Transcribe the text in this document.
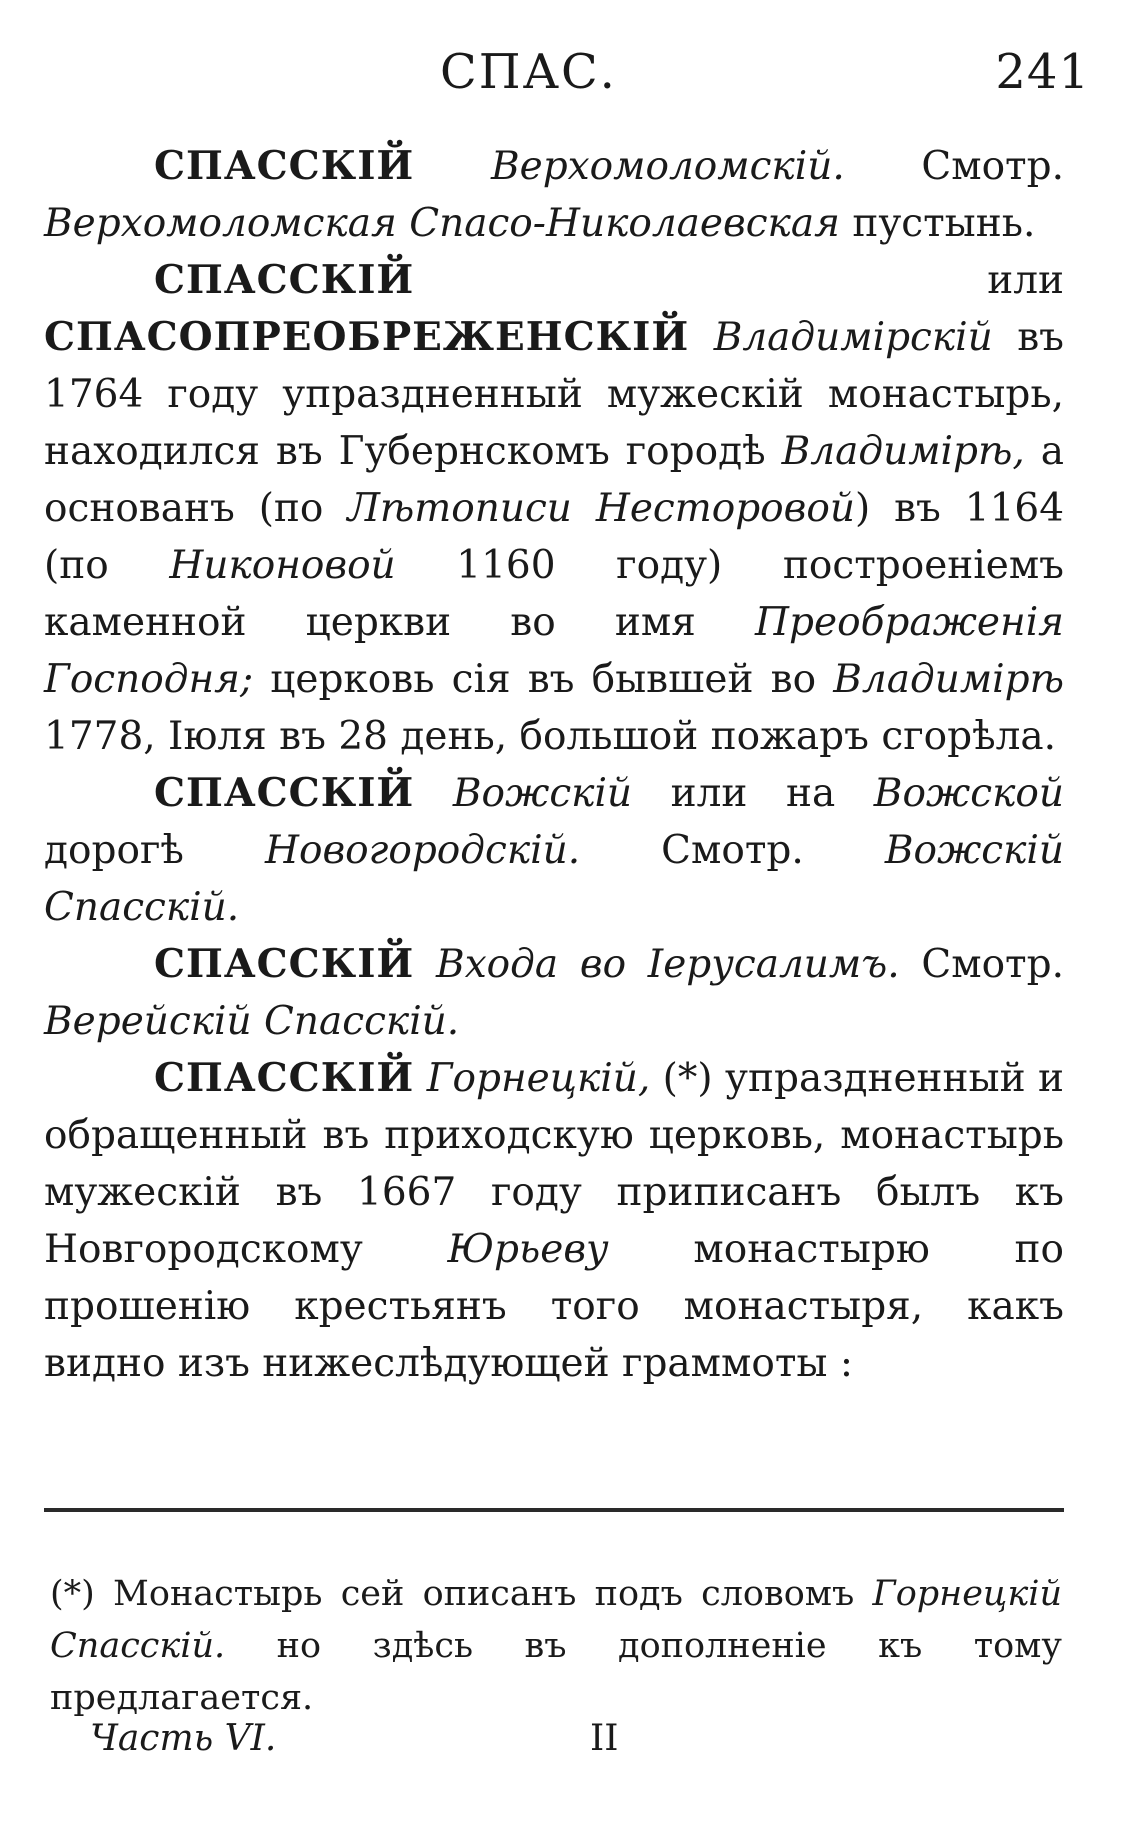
СПАС.	241

СПАССКІЙ Верхомоломскій. Смотр. Верхомоломская Спасо-Николаевская пустынь.

СПАССКІЙ или СПАСОПРЕОБРЕЖЕНСКІЙ Владимірскій въ 1764 году упраздненный мужескій монастырь, находился въ Губернскомъ городѣ Владимірѣ, а основанъ (по Лѣтописи Несторовой) въ 1164 (по Никоновой 1160 году) построеніемъ каменной церкви во имя Преображенія Господня; церковь сія въ бывшей во Владимірѣ 1778, Іюля въ 28 день, большой пожаръ сгорѣла.

СПАССКІЙ Вожскій или на Вожской дорогѣ Новогородскій. Смотр. Вожскій Спасскій.

СПАССКІЙ Входа во Іерусалимъ. Смотр. Верейскій Спасскій.

СПАССКІЙ Горнецкій, (*) упраздненный и обращенный въ приходскую церковь, монастырь мужескій въ 1667 году приписанъ былъ къ Новгородскому Юрьеву монастырю по прошенію крестьянъ того монастыря, какъ видно изъ нижеслѣдующей граммоты :

(*) Монастырь сей описанъ подъ словомъ Горнецкій Спасскій. но здѣсь въ дополненіе къ тому предлагается.
Часть VI.	II
